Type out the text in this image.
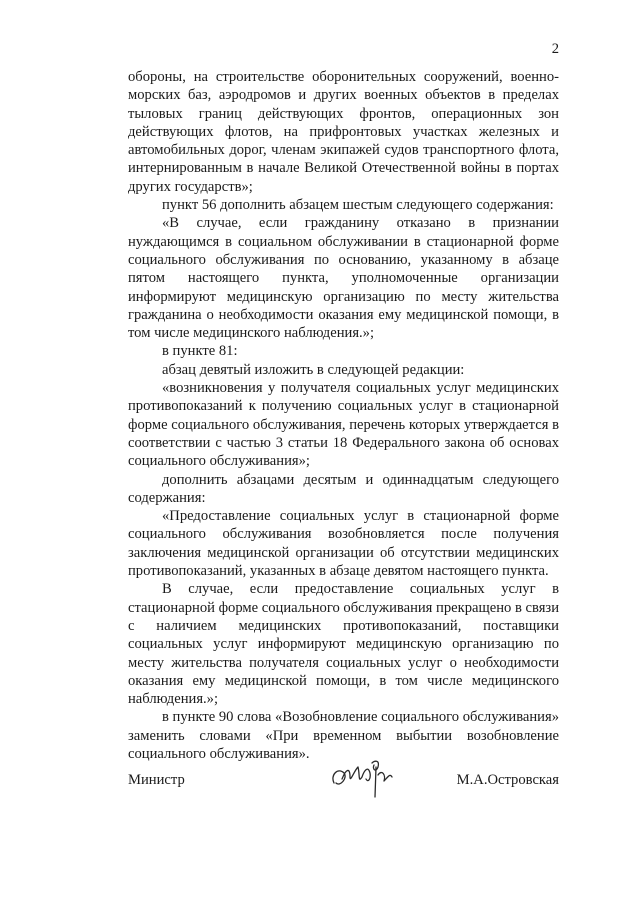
2

обороны, на строительстве оборонительных сооружений, военно-морских баз, аэродромов и других военных объектов в пределах тыловых границ действующих фронтов, операционных зон действующих флотов, на прифронтовых участках железных и автомобильных дорог, членам экипажей судов транспортного флота, интернированным в начале Великой Отечественной войны в портах других государств»;

пункт 56 дополнить абзацем шестым следующего содержания:

«В случае, если гражданину отказано в признании нуждающимся в социальном обслуживании в стационарной форме социального обслуживания по основанию, указанному в абзаце пятом настоящего пункта, уполномоченные организации информируют медицинскую организацию по месту жительства гражданина о необходимости оказания ему медицинской помощи, в том числе медицинского наблюдения.»;

в пункте 81:

абзац девятый изложить в следующей редакции:

«возникновения у получателя социальных услуг медицинских противопоказаний к получению социальных услуг в стационарной форме социального обслуживания, перечень которых утверждается в соответствии с частью 3 статьи 18 Федерального закона об основах социального обслуживания»;

дополнить абзацами десятым и одиннадцатым следующего содержания:

«Предоставление социальных услуг в стационарной форме социального обслуживания возобновляется после получения заключения медицинской организации об отсутствии медицинских противопоказаний, указанных в абзаце девятом настоящего пункта.

В случае, если предоставление социальных услуг в стационарной форме социального обслуживания прекращено в связи с наличием медицинских противопоказаний, поставщики социальных услуг информируют медицинскую организацию по месту жительства получателя социальных услуг о необходимости оказания ему медицинской помощи, в том числе медицинского наблюдения.»;

в пункте 90 слова «Возобновление социального обслуживания» заменить словами «При временном выбытии возобновление социального обслуживания».

Министр	М.А.Островская
